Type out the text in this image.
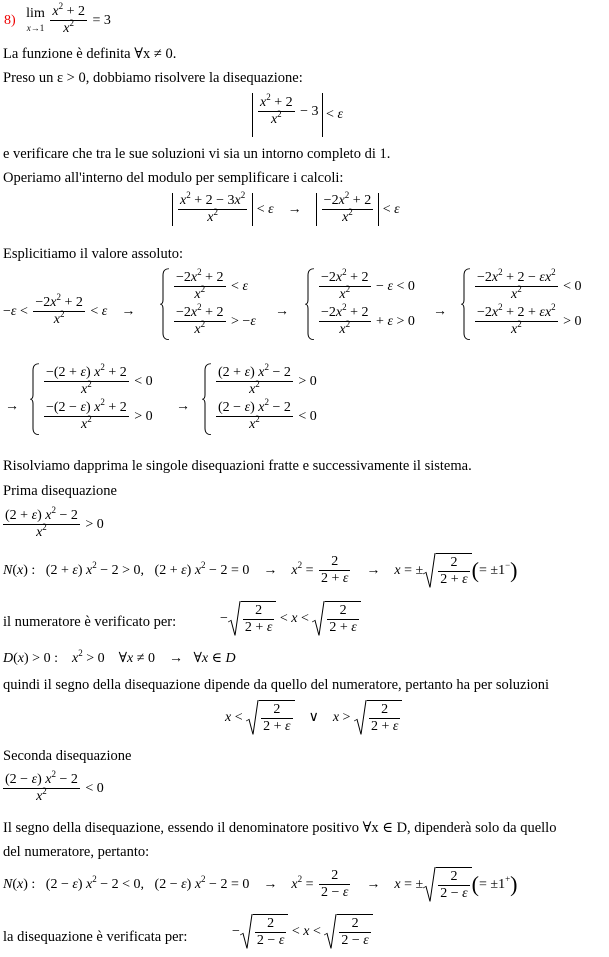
8) lim
$x\to 1 \frac{x^2 + 2}{x^2} = 3$
La funzione è definita ∀x ≠ 0.
Preso un ε > 0, dobbiamo risolvere la disequazione:
$\frac{x^2 + 2}{x^2} - 3 < \varepsilon$
e verificare che tra le sue soluzioni vi sia un intorno completo di 1.
Operiamo all'interno del modulo per semplificare i calcoli:
$\frac{x^2 + 2 - 3x^2}{x^2} < \varepsilon$    → $\frac{-2x^2 + 2}{x^2} < \varepsilon$
Esplicitiamo il valore assoluto:
$-\varepsilon < \frac{-2x^2 + 2}{x^2} < \varepsilon$    →
$\frac{-2x^2 + 2}{x^2} < \varepsilon$
$\frac{-2x^2 + 2}{x^2} > -\varepsilon$
→
$\frac{-2x^2 + 2}{x^2} - \varepsilon < 0$
$\frac{-2x^2 + 2}{x^2} + \varepsilon > 0$
→
$\frac{-2x^2 + 2 - \varepsilon x^2}{x^2} < 0$
$\frac{-2x^2 + 2 + \varepsilon x^2}{x^2} > 0$
→
$\frac{-(2 + \varepsilon) x^2 + 2}{x^2} < 0$
$\frac{-(2 - \varepsilon) x^2 + 2}{x^2} > 0$
→
$\frac{(2 + \varepsilon) x^2 - 2}{x^2} > 0$
$\frac{(2 - \varepsilon) x^2 - 2}{x^2} < 0$
Risolviamo dapprima le singole disequazioni fratte e successivamente il sistema.
Prima disequazione
$\frac{(2 + \varepsilon) x^2 - 2}{x^2} > 0$
N(x) :   (2 + ε) $x^2 - 2 > 0$,   (2 + ε) $x^2 - 2 = 0$    →    $x^2 = \frac{2}{2 + \varepsilon}$ →    x = ± $\frac{2}{2 + \varepsilon}$ (= ±1−)
il numeratore è verificato per:	− $\frac{2}{2 + \varepsilon} < x < \frac{2}{2 + \varepsilon}$
D(x) > 0 :    $x^2 > 0$    ∀x ≠ 0    →   ∀x ∈ D
quindi il segno della disequazione dipende da quello del numeratore, pertanto ha per soluzioni
$x < \frac{2}{2 + \varepsilon}$ ∨    $x > \frac{2}{2 + \varepsilon}$
Seconda disequazione
$\frac{(2 - \varepsilon) x^2 - 2}{x^2} < 0$
Il segno della disequazione, essendo il denominatore positivo ∀x ∈ D, dipenderà solo da quello
del numeratore, pertanto:
N(x) :   (2 − ε) $x^2 - 2 < 0$,   (2 − ε) $x^2 - 2 = 0$    →    $x^2 = \frac{2}{2 - \varepsilon}$ →    x = ± $\frac{2}{2 - \varepsilon}$ (= ±1+)
la disequazione è verificata per:	− $\frac{2}{2 - \varepsilon} < x < \frac{2}{2 - \varepsilon}$
